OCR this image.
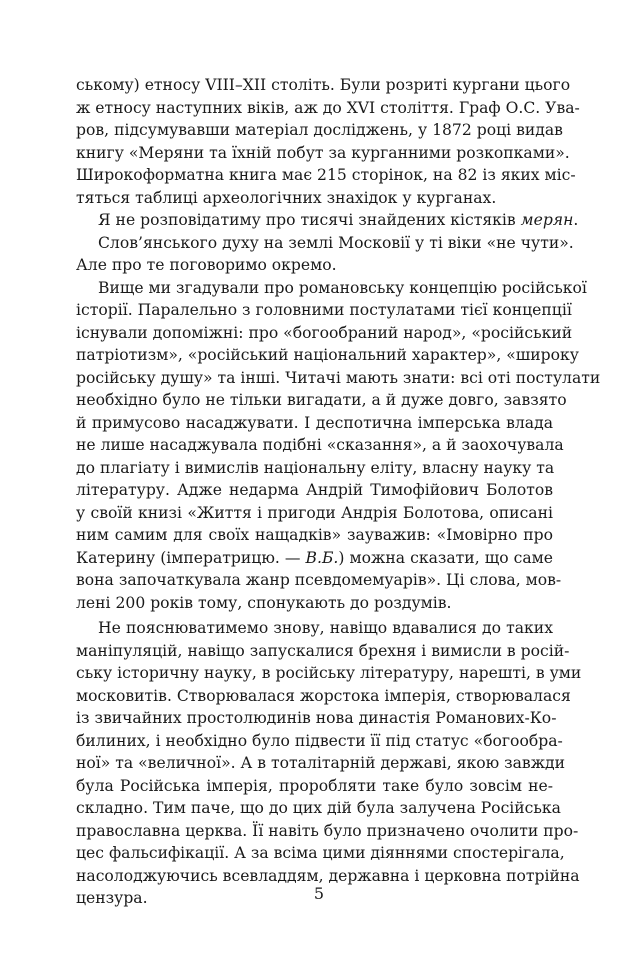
ському) етносу VIII–XII століть. Були розриті кургани цього
ж етносу наступних віків, аж до XVI століття. Граф О.С. Ува-
ров, підсумувавши матеріал досліджень, у 1872 році видав
книгу «Меряни та їхній побут за курганними розкопками».
Широкоформатна книга має 215 сторінок, на 82 із яких міс-
тяться таблиці археологічних знахідок у курганах.
Я не розповідатиму про тисячі знайдених кістяків мерян.
Слов’янського духу на землі Московії у ті віки «не чути».
Але про те поговоримо окремо.
Вище ми згадували про романовську концепцію російської
історії. Паралельно з головними постулатами тієї концепції
існували допоміжні: про «богообраний народ», «російський
патріотизм», «російський національний характер», «широку
російську душу» та інші. Читачі мають знати: всі оті постулати
необхідно було не тільки вигадати, а й дуже довго, завзято
й примусово насаджувати. І деспотична імперська влада
не лише насаджувала подібні «сказання», а й заохочувала
до плагіату і вимислів національну еліту, власну науку та
літературу. Адже недарма Андрій Тимофійович Болотов
у своїй книзі «Життя і пригоди Андрія Болотова, описані
ним самим для своїх нащадків» зауважив: «Імовірно про
Катерину (імператрицю. — В.Б.) можна сказати, що саме
вона започаткувала жанр псевдомемуарів». Ці слова, мов-
лені 200 років тому, спонукають до роздумів.
Не пояснюватимемо знову, навіщо вдавалися до таких
маніпуляцій, навіщо запускалися брехня і вимисли в росій-
ську історичну науку, в російську літературу, нарешті, в уми
московитів. Створювалася жорстока імперія, створювалася
із звичайних простолюдинів нова династія Романових-Ко-
билиних, і необхідно було підвести її під статус «богообра-
ної» та «величної». А в тоталітарній державі, якою завжди
була Російська імперія, проробляти таке було зовсім не-
складно. Тим паче, що до цих дій була залучена Російська
православна церква. Її навіть було призначено очолити про-
цес фальсифікації. А за всіма цими діяннями спостерігала,
насолоджуючись всевладдям, державна і церковна потрійна
цензура.	5
